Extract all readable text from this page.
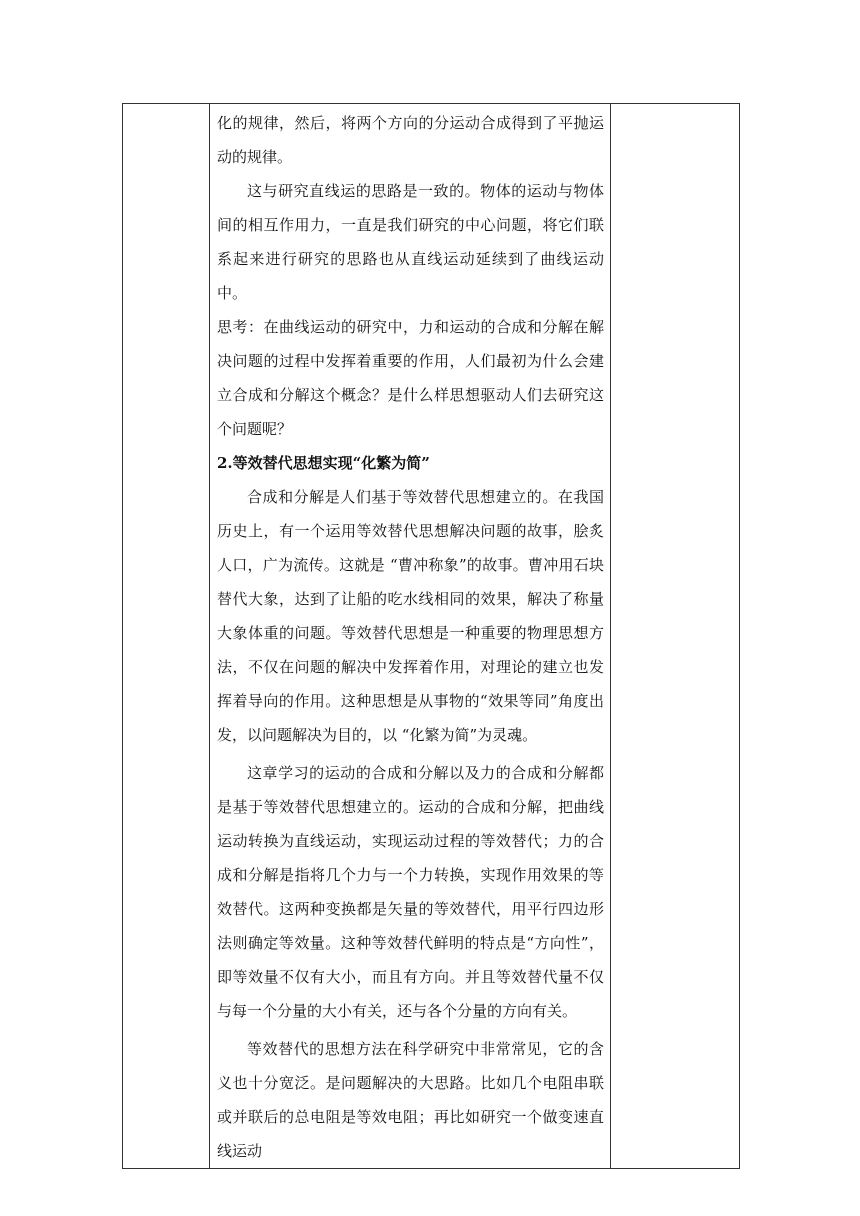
化的规律，然后，将两个方向的分运动合成得到了平抛运动的规律。

这与研究直线运的思路是一致的。物体的运动与物体间的相互作用力，一直是我们研究的中心问题，将它们联系起来进行研究的思路也从直线运动延续到了曲线运动中。

思考：在曲线运动的研究中，力和运动的合成和分解在解决问题的过程中发挥着重要的作用，人们最初为什么会建立合成和分解这个概念？是什么样思想驱动人们去研究这个问题呢？

2.等效替代思想实现“化繁为简”

合成和分解是人们基于等效替代思想建立的。在我国历史上，有一个运用等效替代思想解决问题的故事，脍炙人口，广为流传。这就是 “曹冲称象”的故事。曹冲用石块替代大象，达到了让船的吃水线相同的效果，解决了称量大象体重的问题。等效替代思想是一种重要的物理思想方法，不仅在问题的解决中发挥着作用，对理论的建立也发挥着导向的作用。这种思想是从事物的“效果等同”角度出发，以问题解决为目的，以 “化繁为简”为灵魂。

这章学习的运动的合成和分解以及力的合成和分解都是基于等效替代思想建立的。运动的合成和分解，把曲线运动转换为直线运动，实现运动过程的等效替代；力的合成和分解是指将几个力与一个力转换，实现作用效果的等效替代。这两种变换都是矢量的等效替代，用平行四边形法则确定等效量。这种等效替代鲜明的特点是“方向性”，即等效量不仅有大小，而且有方向。并且等效替代量不仅与每一个分量的大小有关，还与各个分量的方向有关。

等效替代的思想方法在科学研究中非常常见，它的含义也十分宽泛。是问题解决的大思路。比如几个电阻串联或并联后的总电阻是等效电阻；再比如研究一个做变速直线运动
